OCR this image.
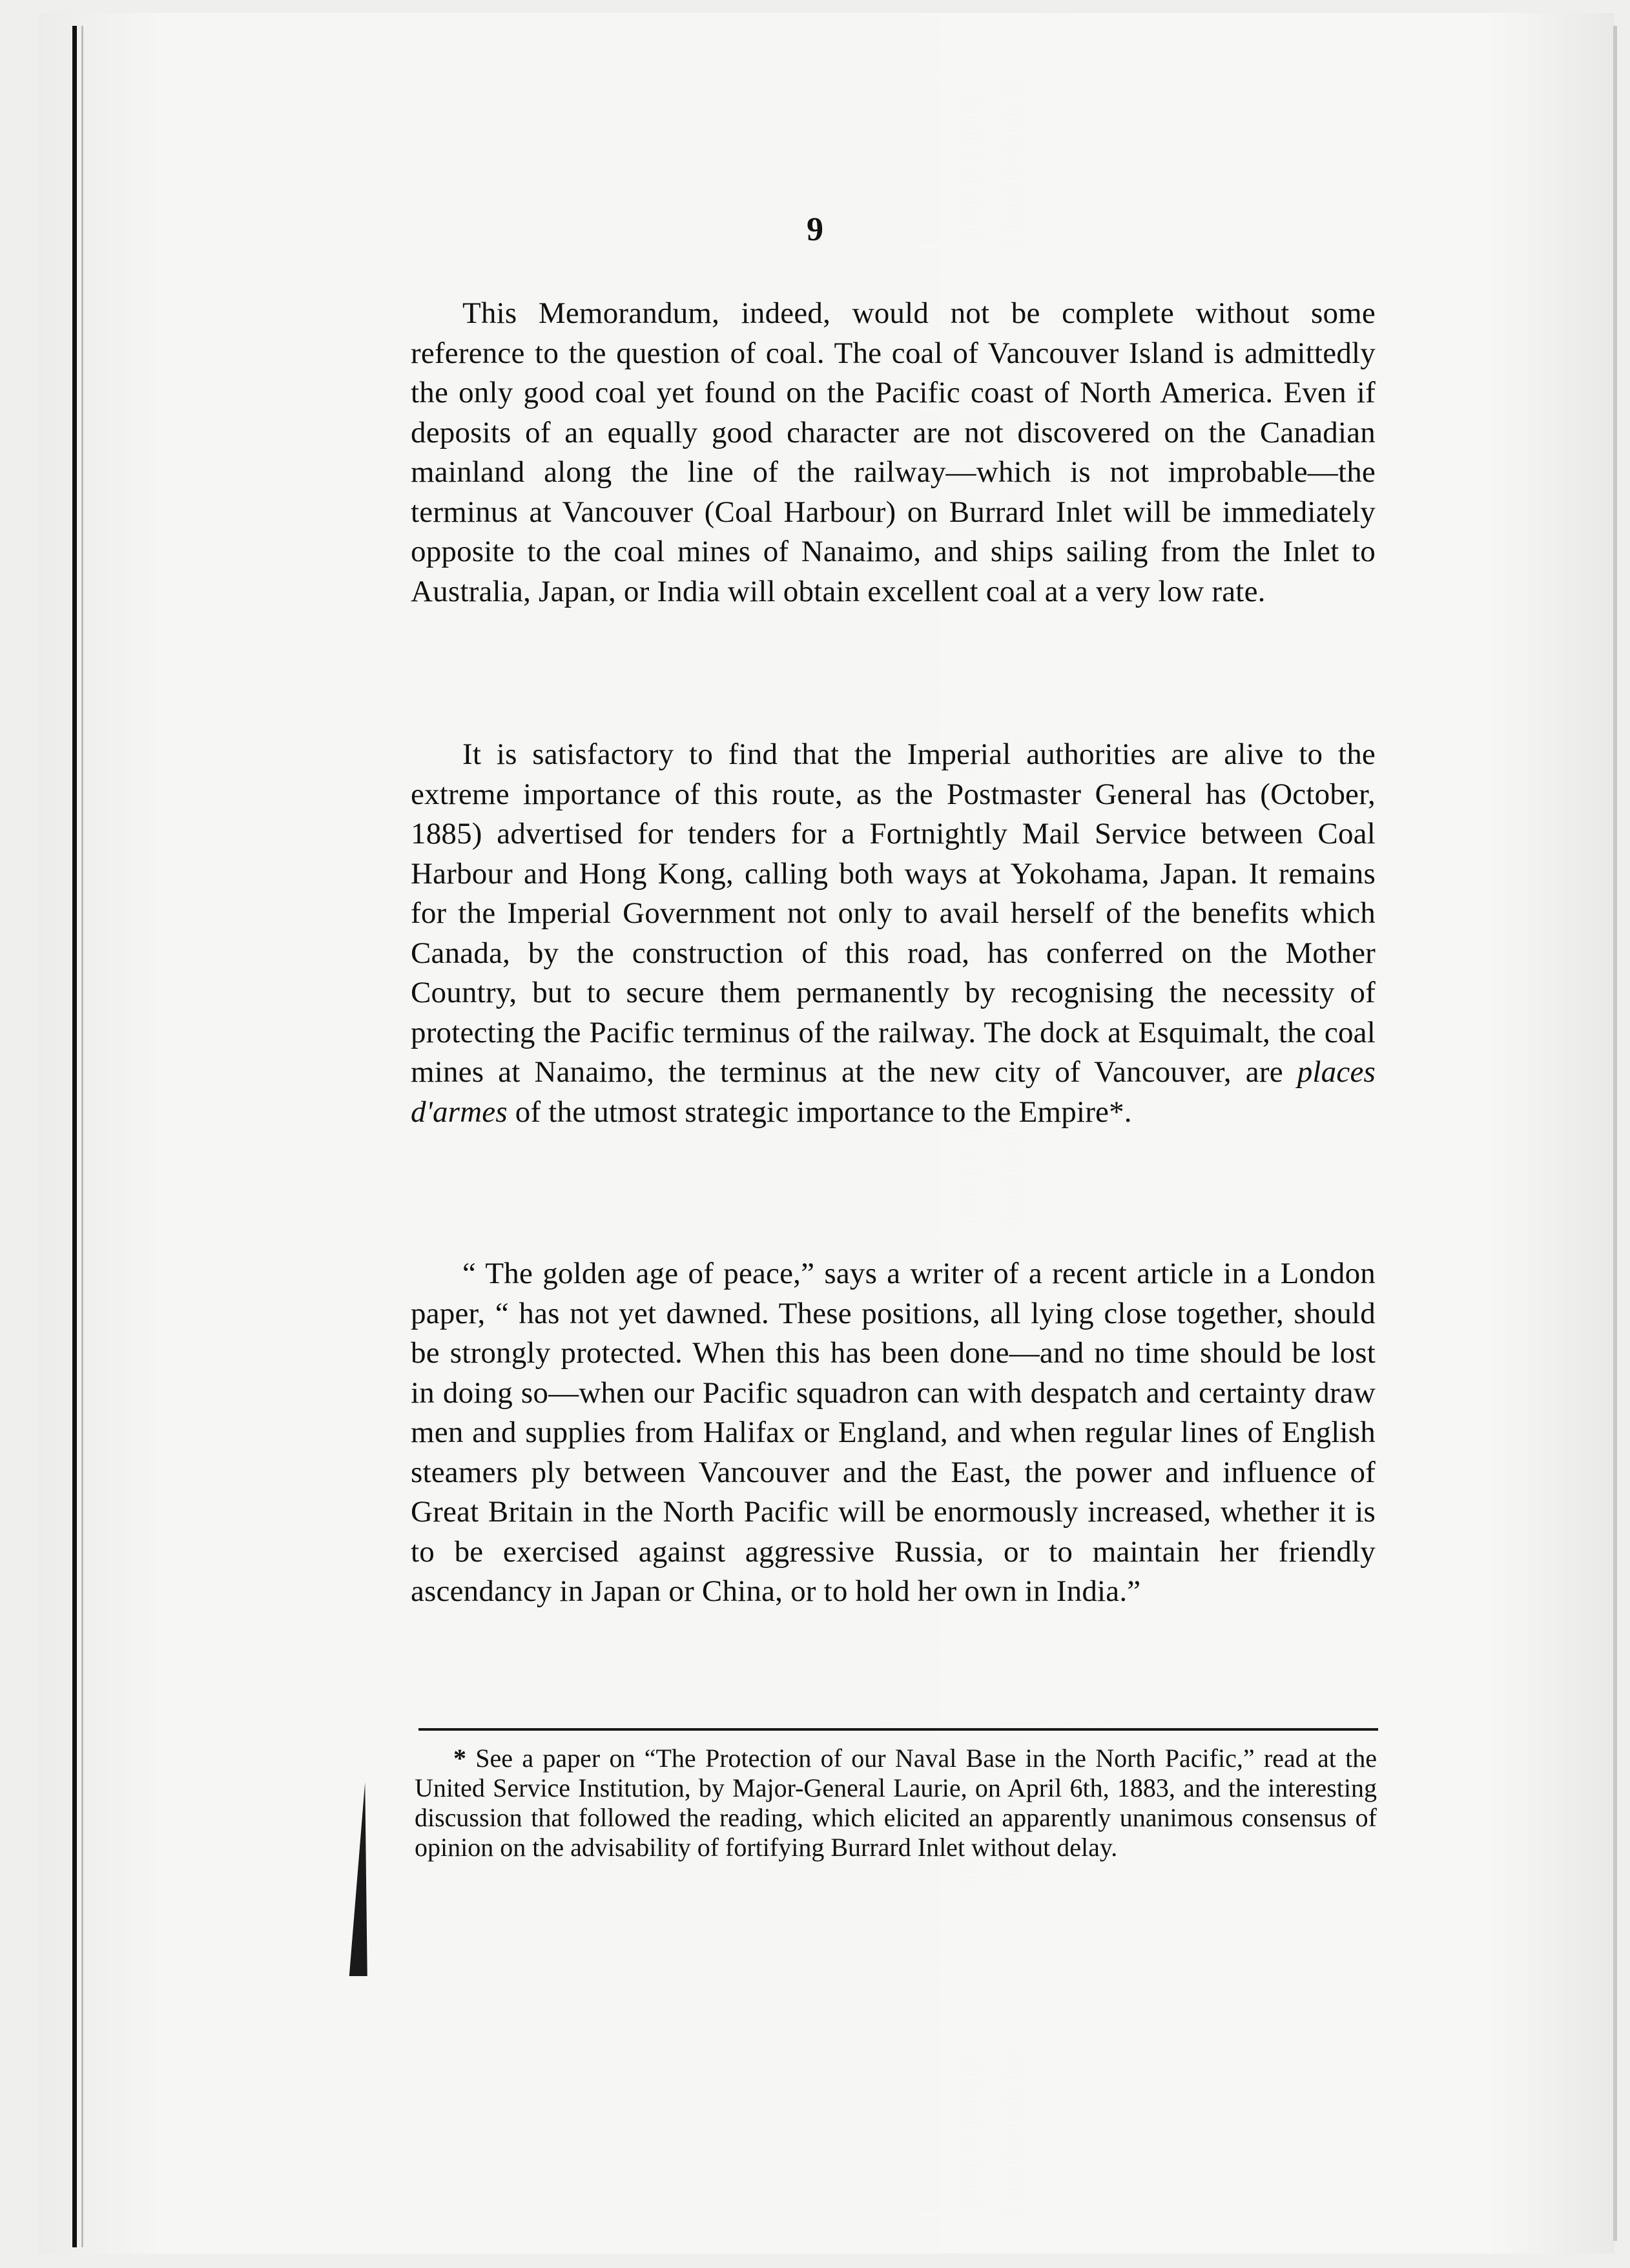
9

This Memorandum, indeed, would not be complete without some reference to the question of coal. The coal of Vancouver Island is admittedly the only good coal yet found on the Pacific coast of North America. Even if deposits of an equally good character are not discovered on the Canadian mainland along the line of the railway—which is not improbable—the terminus at Vancouver (Coal Harbour) on Burrard Inlet will be immediately opposite to the coal mines of Nanaimo, and ships sailing from the Inlet to Australia, Japan, or India will obtain excellent coal at a very low rate.

It is satisfactory to find that the Imperial authorities are alive to the extreme importance of this route, as the Postmaster General has (October, 1885) advertised for tenders for a Fortnightly Mail Service between Coal Harbour and Hong Kong, calling both ways at Yokohama, Japan. It remains for the Imperial Government not only to avail herself of the benefits which Canada, by the construction of this road, has conferred on the Mother Country, but to secure them permanently by recognising the necessity of protecting the Pacific terminus of the railway. The dock at Esquimalt, the coal mines at Nanaimo, the terminus at the new city of Vancouver, are places d'armes of the utmost strategic importance to the Empire*.

“ The golden age of peace,” says a writer of a recent article in a London paper, “ has not yet dawned. These positions, all lying close together, should be strongly protected. When this has been done—and no time should be lost in doing so—when our Pacific squadron can with despatch and certainty draw men and supplies from Halifax or England, and when regular lines of English steamers ply between Vancouver and the East, the power and influence of Great Britain in the North Pacific will be enormously increased, whether it is to be exercised against aggressive Russia, or to maintain her friendly ascendancy in Japan or China, or to hold her own in India.”

* See a paper on “The Protection of our Naval Base in the North Pacific,” read at the United Service Institution, by Major-General Laurie, on April 6th, 1883, and the interesting discussion that followed the reading, which elicited an apparently unanimous consensus of opinion on the advisability of fortifying Burrard Inlet without delay.
